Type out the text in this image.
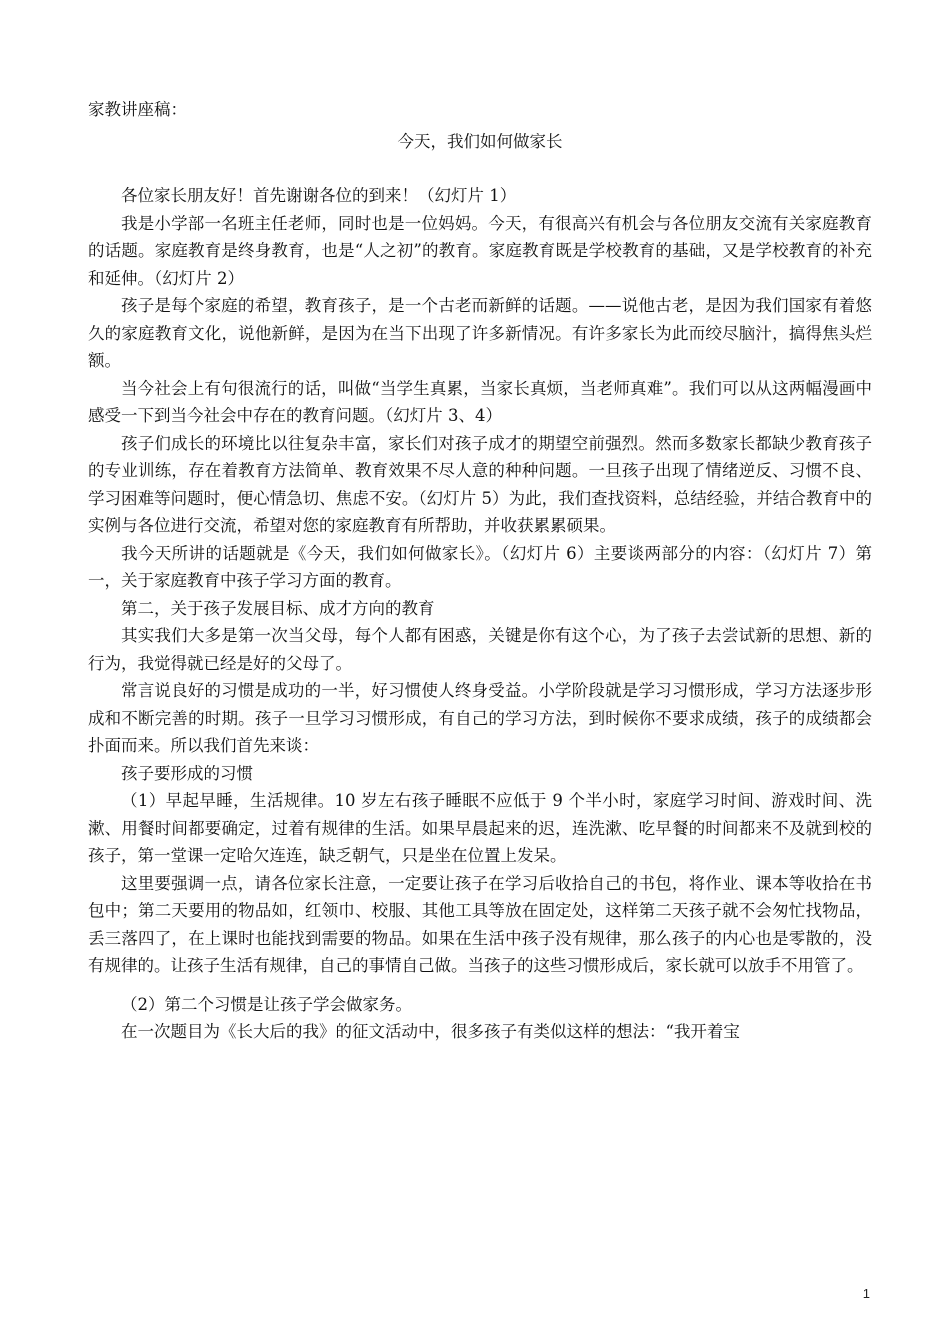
家教讲座稿：

今天，我们如何做家长

各位家长朋友好！首先谢谢各位的到来！（幻灯片 1）

我是小学部一名班主任老师，同时也是一位妈妈。今天，有很高兴有机会与各位朋友交流有关家庭教育的话题。家庭教育是终身教育，也是“人之初”的教育。家庭教育既是学校教育的基础，又是学校教育的补充和延伸。（幻灯片 2）

孩子是每个家庭的希望，教育孩子，是一个古老而新鲜的话题。——说他古老，是因为我们国家有着悠久的家庭教育文化，说他新鲜，是因为在当下出现了许多新情况。有许多家长为此而绞尽脑汁，搞得焦头烂额。

当今社会上有句很流行的话，叫做“当学生真累，当家长真烦，当老师真难”。我们可以从这两幅漫画中感受一下到当今社会中存在的教育问题。（幻灯片 3、4）

孩子们成长的环境比以往复杂丰富，家长们对孩子成才的期望空前强烈。然而多数家长都缺少教育孩子的专业训练，存在着教育方法简单、教育效果不尽人意的种种问题。一旦孩子出现了情绪逆反、习惯不良、学习困难等问题时，便心情急切、焦虑不安。（幻灯片 5）为此，我们查找资料，总结经验，并结合教育中的实例与各位进行交流，希望对您的家庭教育有所帮助，并收获累累硕果。

我今天所讲的话题就是《今天，我们如何做家长》。（幻灯片 6）主要谈两部分的内容：（幻灯片 7）第一，关于家庭教育中孩子学习方面的教育。

第二，关于孩子发展目标、成才方向的教育

其实我们大多是第一次当父母，每个人都有困惑，关键是你有这个心，为了孩子去尝试新的思想、新的行为，我觉得就已经是好的父母了。

常言说良好的习惯是成功的一半，好习惯使人终身受益。小学阶段就是学习习惯形成，学习方法逐步形成和不断完善的时期。孩子一旦学习习惯形成，有自己的学习方法，到时候你不要求成绩，孩子的成绩都会扑面而来。所以我们首先来谈：

孩子要形成的习惯

（1）早起早睡，生活规律。10 岁左右孩子睡眠不应低于 9 个半小时，家庭学习时间、游戏时间、洗漱、用餐时间都要确定，过着有规律的生活。如果早晨起来的迟，连洗漱、吃早餐的时间都来不及就到校的孩子，第一堂课一定哈欠连连，缺乏朝气，只是坐在位置上发呆。

这里要强调一点，请各位家长注意，一定要让孩子在学习后收拾自己的书包，将作业、课本等收拾在书包中；第二天要用的物品如，红领巾、校服、其他工具等放在固定处，这样第二天孩子就不会匆忙找物品，丢三落四了，在上课时也能找到需要的物品。如果在生活中孩子没有规律，那么孩子的内心也是零散的，没有规律的。让孩子生活有规律，自己的事情自己做。当孩子的这些习惯形成后，家长就可以放手不用管了。

（2）第二个习惯是让孩子学会做家务。

在一次题目为《长大后的我》的征文活动中，很多孩子有类似这样的想法：“我开着宝

1
